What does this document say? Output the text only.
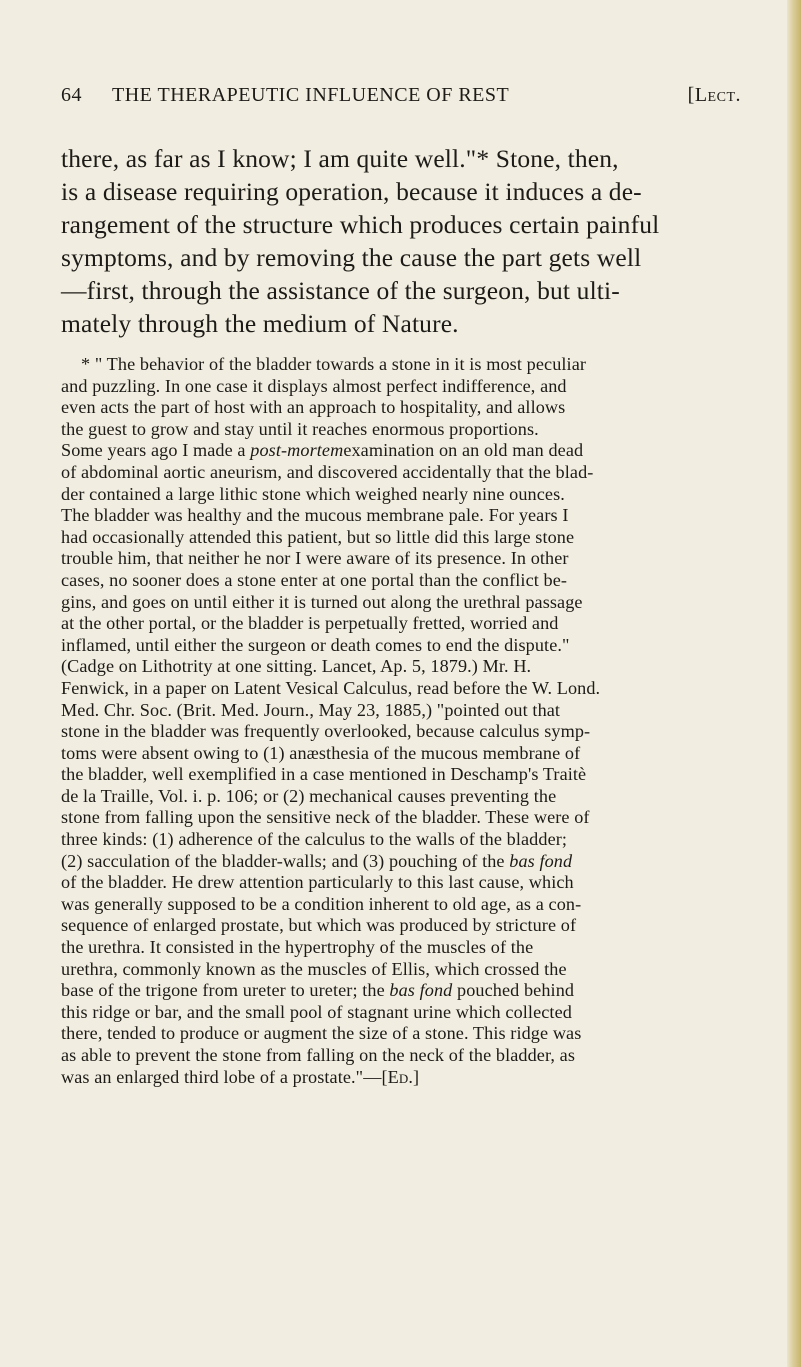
64 THE THERAPEUTIC INFLUENCE OF REST	[Lect.
there, as far as I know; I am quite well."* Stone, then,
is a disease requiring operation, because it induces a de-
rangement of the structure which produces certain painful
symptoms, and by removing the cause the part gets well
—first, through the assistance of the surgeon, but ulti-
mately through the medium of Nature.
* " The behavior of the bladder towards a stone in it is most peculiar
and puzzling. In one case it displays almost perfect indifference, and
even acts the part of host with an approach to hospitality, and allows
the guest to grow and stay until it reaches enormous proportions.
Some years ago I made a post-mortemexamination on an old man dead
of abdominal aortic aneurism, and discovered accidentally that the blad-
der contained a large lithic stone which weighed nearly nine ounces.
The bladder was healthy and the mucous membrane pale. For years I
had occasionally attended this patient, but so little did this large stone
trouble him, that neither he nor I were aware of its presence. In other
cases, no sooner does a stone enter at one portal than the conflict be-
gins, and goes on until either it is turned out along the urethral passage
at the other portal, or the bladder is perpetually fretted, worried and
inflamed, until either the surgeon or death comes to end the dispute."
(Cadge on Lithotrity at one sitting. Lancet, Ap. 5, 1879.) Mr. H.
Fenwick, in a paper on Latent Vesical Calculus, read before the W. Lond.
Med. Chr. Soc. (Brit. Med. Journ., May 23, 1885,) "pointed out that
stone in the bladder was frequently overlooked, because calculus symp-
toms were absent owing to (1) anæsthesia of the mucous membrane of
the bladder, well exemplified in a case mentioned in Deschamp's Traitè
de la Traille, Vol. i. p. 106; or (2) mechanical causes preventing the
stone from falling upon the sensitive neck of the bladder. These were of
three kinds: (1) adherence of the calculus to the walls of the bladder;
(2) sacculation of the bladder-walls; and (3) pouching of the bas fond
of the bladder. He drew attention particularly to this last cause, which
was generally supposed to be a condition inherent to old age, as a con-
sequence of enlarged prostate, but which was produced by stricture of
the urethra. It consisted in the hypertrophy of the muscles of the
urethra, commonly known as the muscles of Ellis, which crossed the
base of the trigone from ureter to ureter; the bas fond pouched behind
this ridge or bar, and the small pool of stagnant urine which collected
there, tended to produce or augment the size of a stone. This ridge was
as able to prevent the stone from falling on the neck of the bladder, as
was an enlarged third lobe of a prostate."—[Ed.]
